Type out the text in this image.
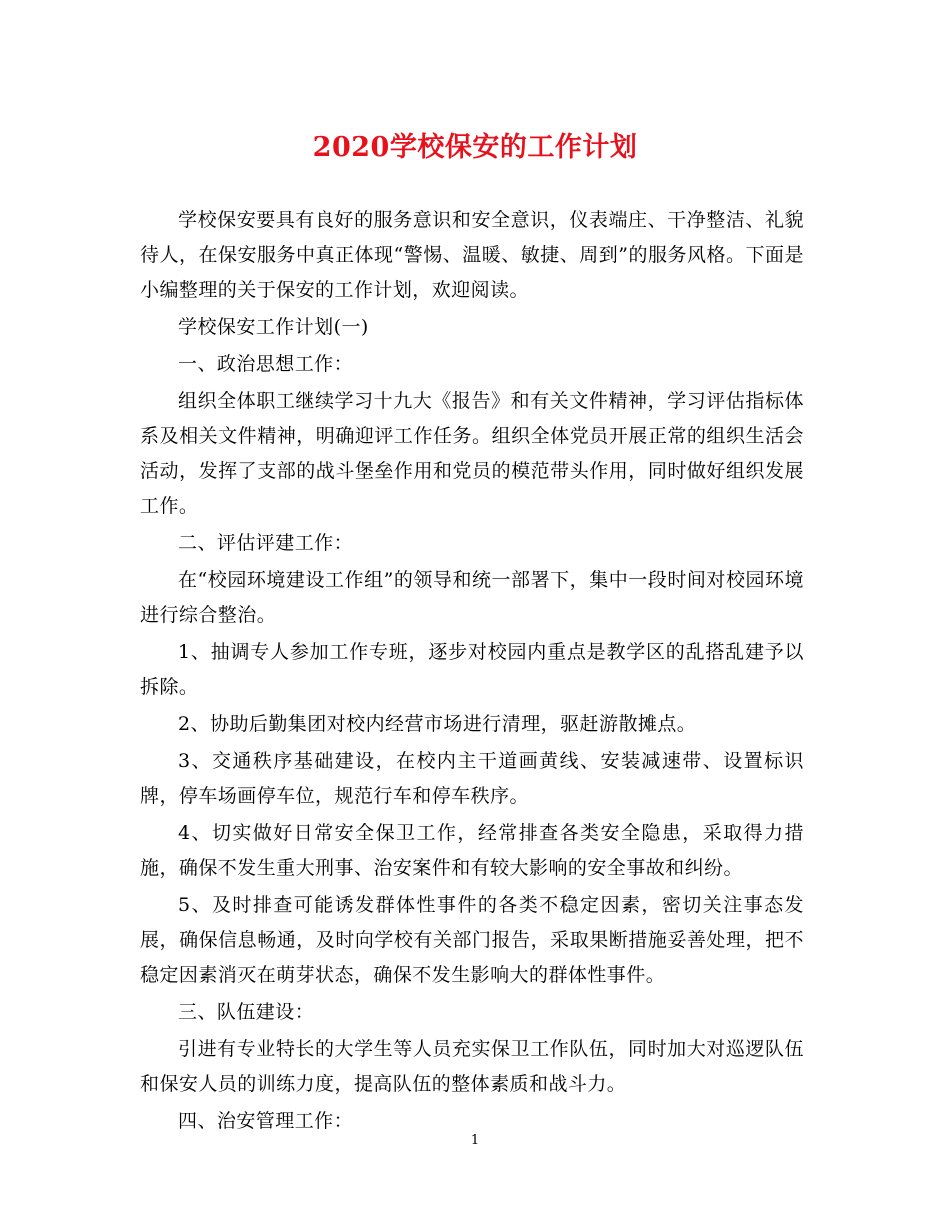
2020学校保安的工作计划

学校保安要具有良好的服务意识和安全意识，仪表端庄、干净整洁、礼貌待人，在保安服务中真正体现“警惕、温暖、敏捷、周到”的服务风格。下面是小编整理的关于保安的工作计划，欢迎阅读。

学校保安工作计划(一)

一、政治思想工作：

组织全体职工继续学习十九大《报告》和有关文件精神，学习评估指标体系及相关文件精神，明确迎评工作任务。组织全体党员开展正常的组织生活会活动，发挥了支部的战斗堡垒作用和党员的模范带头作用，同时做好组织发展工作。

二、评估评建工作：

在“校园环境建设工作组”的领导和统一部署下，集中一段时间对校园环境进行综合整治。

1、抽调专人参加工作专班，逐步对校园内重点是教学区的乱搭乱建予以拆除。

2、协助后勤集团对校内经营市场进行清理，驱赶游散摊点。

3、交通秩序基础建设，在校内主干道画黄线、安装减速带、设置标识牌，停车场画停车位，规范行车和停车秩序。

4、切实做好日常安全保卫工作，经常排查各类安全隐患，采取得力措施，确保不发生重大刑事、治安案件和有较大影响的安全事故和纠纷。

5、及时排查可能诱发群体性事件的各类不稳定因素，密切关注事态发展，确保信息畅通，及时向学校有关部门报告，采取果断措施妥善处理，把不稳定因素消灭在萌芽状态，确保不发生影响大的群体性事件。

三、队伍建设：

引进有专业特长的大学生等人员充实保卫工作队伍，同时加大对巡逻队伍和保安人员的训练力度，提高队伍的整体素质和战斗力。

四、治安管理工作：

1
